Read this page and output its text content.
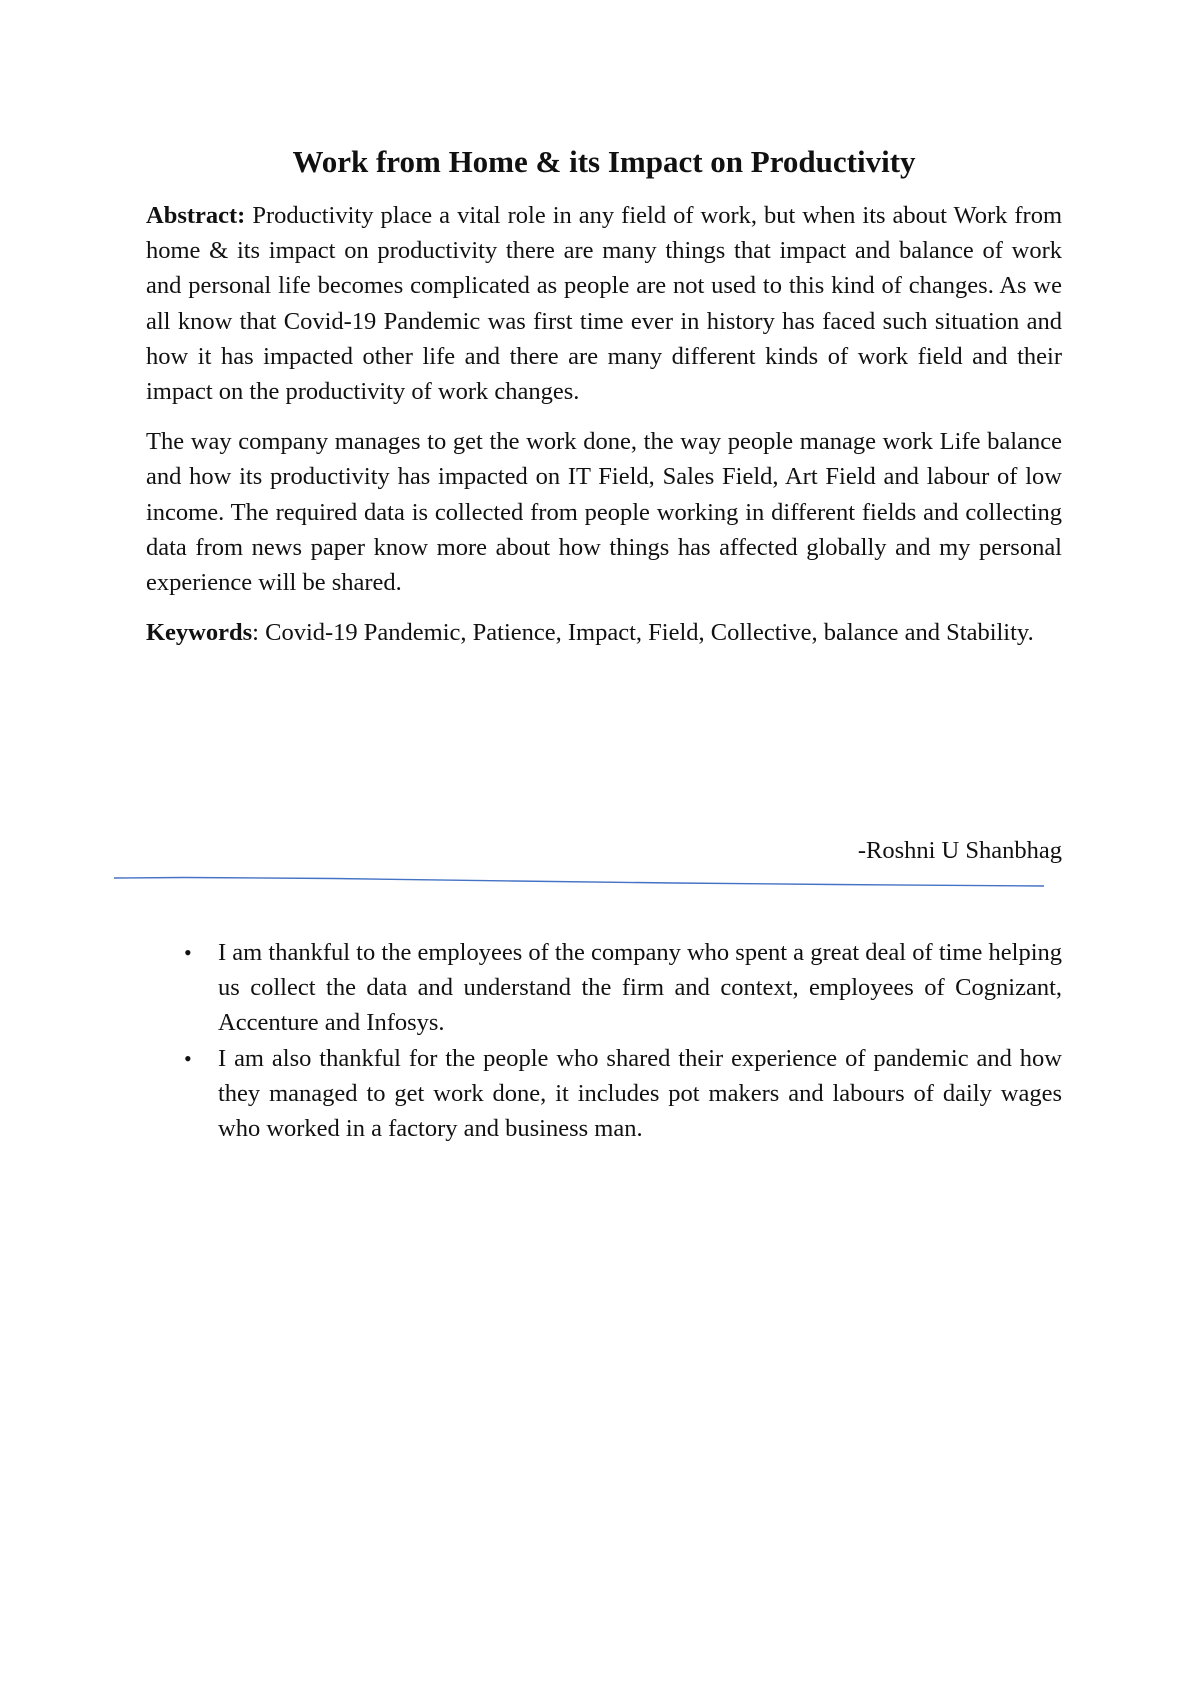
Work from Home & its Impact on Productivity

Abstract: Productivity place a vital role in any field of work, but when its about Work from home & its impact on productivity there are many things that impact and balance of work and personal life becomes complicated as people are not used to this kind of changes. As we all know that Covid-19 Pandemic was first time ever in history has faced such situation and how it has impacted other life and there are many different kinds of work field and their impact on the productivity of work changes.

The way company manages to get the work done, the way people manage work Life balance and how its productivity has impacted on IT Field, Sales Field, Art Field and labour of low income. The required data is collected from people working in different fields and collecting data from news paper know more about how things has affected globally and my personal experience will be shared.

Keywords: Covid-19 Pandemic, Patience, Impact, Field, Collective, balance and Stability.

-Roshni U Shanbhag

• I am thankful to the employees of the company who spent a great deal of time helping us collect the data and understand the firm and context, employees of Cognizant, Accenture and Infosys.
• I am also thankful for the people who shared their experience of pandemic and how they managed to get work done, it includes pot makers and labours of daily wages who worked in a factory and business man.
